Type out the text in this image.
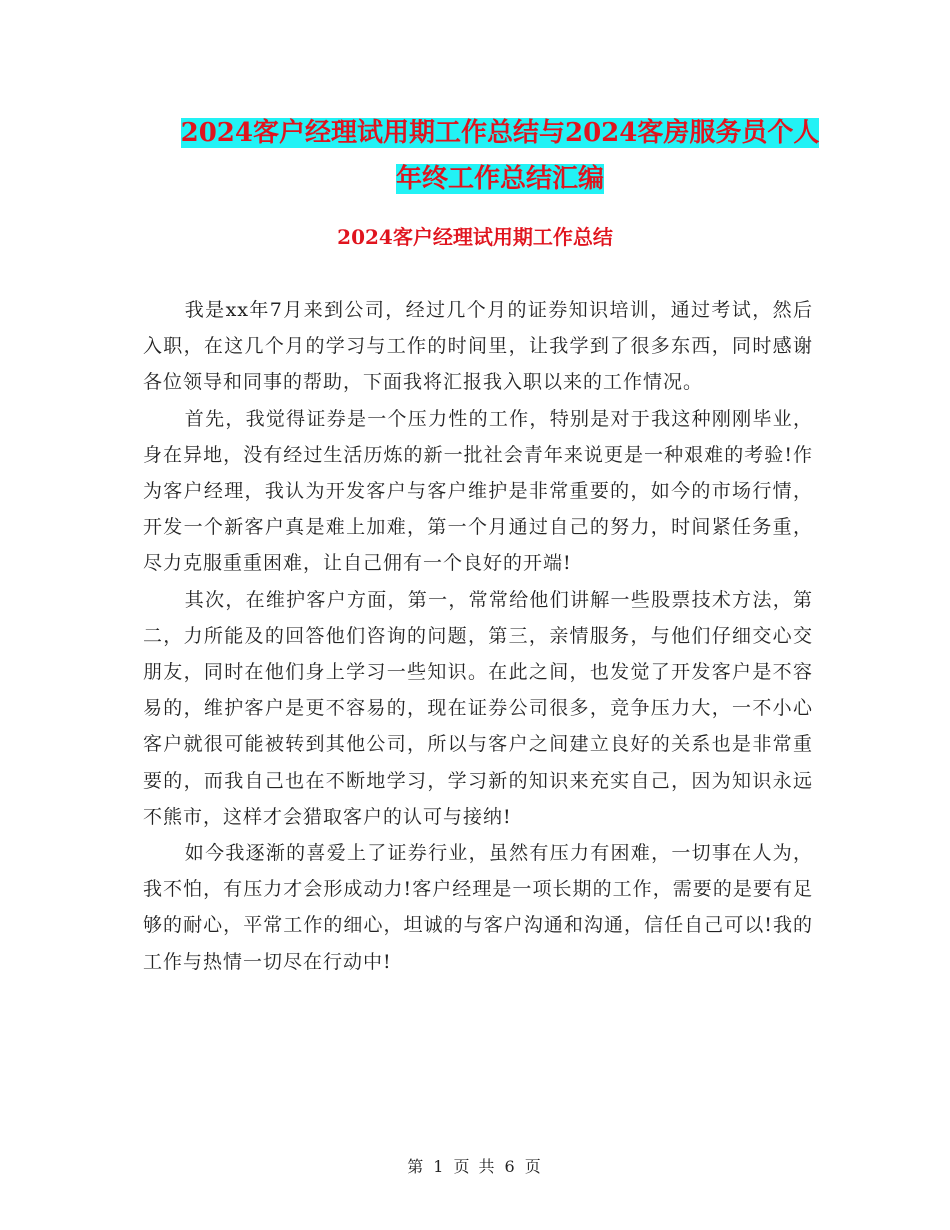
2024客户经理试用期工作总结与2024客房服务员个人
年终工作总结汇编
2024客户经理试用期工作总结

我是xx年7月来到公司，经过几个月的证券知识培训，通过考试，然后入职，在这几个月的学习与工作的时间里，让我学到了很多东西，同时感谢各位领导和同事的帮助，下面我将汇报我入职以来的工作情况。

首先，我觉得证券是一个压力性的工作，特别是对于我这种刚刚毕业，身在异地，没有经过生活历炼的新一批社会青年来说更是一种艰难的考验!作为客户经理，我认为开发客户与客户维护是非常重要的，如今的市场行情，开发一个新客户真是难上加难，第一个月通过自己的努力，时间紧任务重，尽力克服重重困难，让自己佣有一个良好的开端!

其次，在维护客户方面，第一，常常给他们讲解一些股票技术方法，第二，力所能及的回答他们咨询的问题，第三，亲情服务，与他们仔细交心交朋友，同时在他们身上学习一些知识。在此之间，也发觉了开发客户是不容易的，维护客户是更不容易的，现在证券公司很多，竞争压力大，一不小心客户就很可能被转到其他公司，所以与客户之间建立良好的关系也是非常重要的，而我自己也在不断地学习，学习新的知识来充实自己，因为知识永远不熊市，这样才会猎取客户的认可与接纳!

如今我逐渐的喜爱上了证券行业，虽然有压力有困难，一切事在人为，我不怕，有压力才会形成动力!客户经理是一项长期的工作，需要的是要有足够的耐心，平常工作的细心，坦诚的与客户沟通和沟通，信任自己可以!我的工作与热情一切尽在行动中!

第 1 页 共 6 页
